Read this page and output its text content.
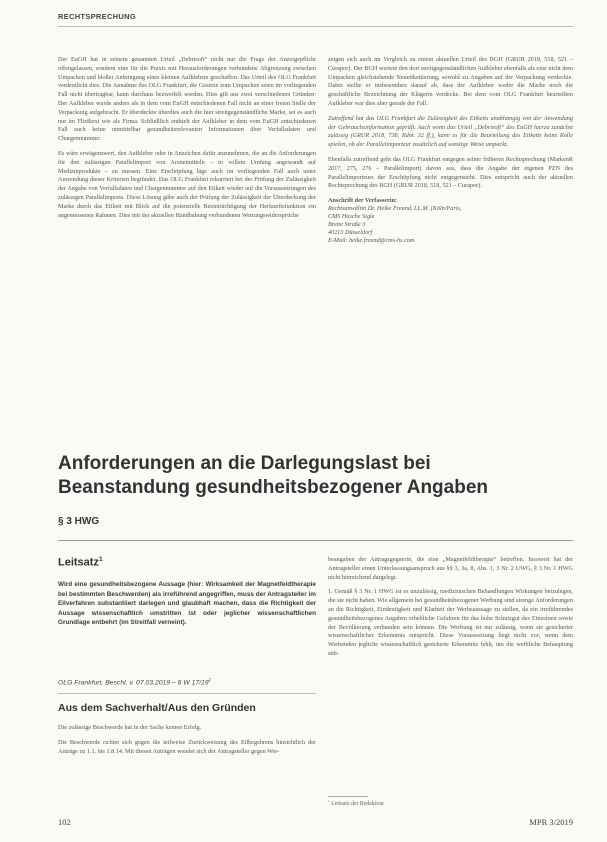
RECHTSPRECHUNG

Der EuGH hat in seinem genannten Urteil „Debrisoft“ nicht nur die Frage der Anzeigepflicht offengelassen, sondern eine für die Praxis mit Herausforderungen verbundene Abgrenzung zwischen Umpacken und bloßer Anbringung eines kleinen Aufklebers geschaffen. Das Urteil des OLG Frankfurt verdeutlicht dies. Die Annahme des OLG Frankfurt, die Gesetze zum Umpacken seien im vorliegenden Fall nicht übertragbar, kann durchaus bezweifelt werden. Dies gilt aus zwei verschiedenen Gründen: Der Aufkleber wurde anders als in dem vom EuGH entschiedenen Fall nicht an einer freien Stelle der Verpackung aufgebracht. Er überdeckte überdies auch die hier streitgegenständliche Marke, sei es auch nur im Fließtext wie als Firma. Schließlich enthielt der Aufkleber in dem vom EuGH entschiedenen Fall auch keine unmittelbar gesundheitsrelevanten Informationen über Verfallsdaten und Chargennummer.

Es wäre erwägenswert, den Aufkleber oder in Anzeichen dafür anzunehmen, die an die Anforderungen für den zulässigen Parallelimport von Arzneimitteln – in vollem Umfang angewandt auf Medizinprodukte – zu messen. Eine Erschöpfung läge auch im vorliegenden Fall auch unter Anwendung dieser Kriterien begründet. Das OLG Frankfurt rekurriert bei der Prüfung der Zulässigkeit der Angabe von Verfallsdaten und Chargennummer auf den Etikett wieder auf die Voraussetzungen des zulässigen Parallelimports. Diese Lösung gäbe auch der Prüfung der Zulässigkeit der Überdeckung der Marke durch das Etikett mit Blick auf die potenzielle Beeinträchtigung der Herkunftsfunktion ein angemessenen Rahmen. Dies mit der aktuellen Handhabung verbundenen Wertungswidersprüche

zeigen sich auch im Vergleich zu einem aktuellen Urteil des BGH (GRUR 2018, 518, 521 – Curapor). Der BGH wertete den dort streitgegenständlichen Aufkleber ebenfalls als eine nicht dem Umpacken gleichstehende Neuetikettierung, sowohl zu Angaben auf der Verpackung verdeckte. Dabei stellte er insbesondere darauf ab, dass der Aufkleber weder die Marke noch die geschäftliche Bezeichnung der Klägerin verdecke. Bei dem vom OLG Frankfurt beurteilten Aufkleber war dies aber gerade der Fall.

Zutreffend hat das OLG Frankfurt die Zulässigkeit des Etiketts unabhängig von der Anwendung der Gebrauchsinformation geprüft. Auch wenn das Urteil „Debrisoft“ des EuGH hierzu zunächst zulässig (GRUR 2018, 738, Rdnr. 32 ff.), kann es für die Beurteilung des Etiketts keine Rolle spielen, ob der Parallelimporteur zusätzlich auf sonstige Weise umpackt.

Ebenfalls zutreffend geht das OLG Frankfurt entgegen seiner früheren Rechtsprechung (MarkenR 2017, 275, 276 – Parallelimport) davon aus, dass die Angabe der eigenen PZN des Parallelimporteurs der Erschöpfung nicht entgegensteht. Dies entspricht auch der aktuellen Rechtsprechung des BGH (GRUR 2018, 518, 521 – Curapor).

Anschrift der Verfasserin:
Rechtsanwältin Dr. Heike Freund, LL.M. (Köln/Paris,
CMS Hasche Sigle
Breite Straße 3
40213 Düsseldorf
E-Mail: heike.freund@cms-hs.com
Anforderungen an die Darlegungslast bei Beanstandung gesundheitsbezogener Angaben
§ 3 HWG
Leitsatz$^1$

Wird eine gesundheitsbezogene Aussage (hier: Wirksamkeit der Magnetfeldtherapie bei bestimmten Beschwerden) als irreführend angegriffen, muss der Antragsteller im Eilverfahren substantiiert darlegen und glaubhaft machen, dass die Richtigkeit der Aussage wissenschaftlich umstritten ist oder jeglicher wissenschaftlichen Grundlage entbehrt (im Streitfall verneint).

OLG Frankfurt, Beschl. v. 07.03.2019 – 6 W $17/19^2$
Aus dem Sachverhalt/Aus den Gründen

Die zulässige Beschwerde hat in der Sache keinen Erfolg.

Die Beschwerde richtet sich gegen die teilweise Zurückweisung des Eilbegehrens hinsichtlich der Anträge zu 1.1. bis 1.8.14. Mit diesen Anträgen wendet sich der Antragsteller gegen Wer-

beangaben der Antragsgegnerin, die eine „Magnetfeldtherapie“ betreffen. Insoweit hat der Antragsteller einen Unterlassungsanspruch aus §§ 3, 3a, 8, Abs. 1, 3 Nr. 2 UWG, § 3 Nr. 1 HWG nicht hinreichend dargelegt.

1. Gemäß § 3 Nr. 1 HWG ist es unzulässig, medizinischen Behandlungen Wirkungen beizulegen, die sie nicht haben. Wie allgemein bei gesundheitsbezogener Werbung sind strenge Anforderungen an die Richtigkeit, Eindeutigkeit und Klarheit der Werbeaussage zu stellen, da ein irreführendes gesundheitsbezogenes Angaben erhebliche Gefahren für das hohe Schutzgut des Einzelnen sowie der Bevölkerung verbunden sein können. Die Werbung ist nur zulässig, wenn sie gesicherter wissenschaftlicher Erkenntnis entspricht. Diese Voraussetzung liegt nicht vor, wenn dem Werbenden jegliche wissenschaftlich gesicherte Erkenntnis fehlt, um die werbliche Behauptung stüt-

$^1$ Leitsatz der Redaktion
102	MPR 3/2019
